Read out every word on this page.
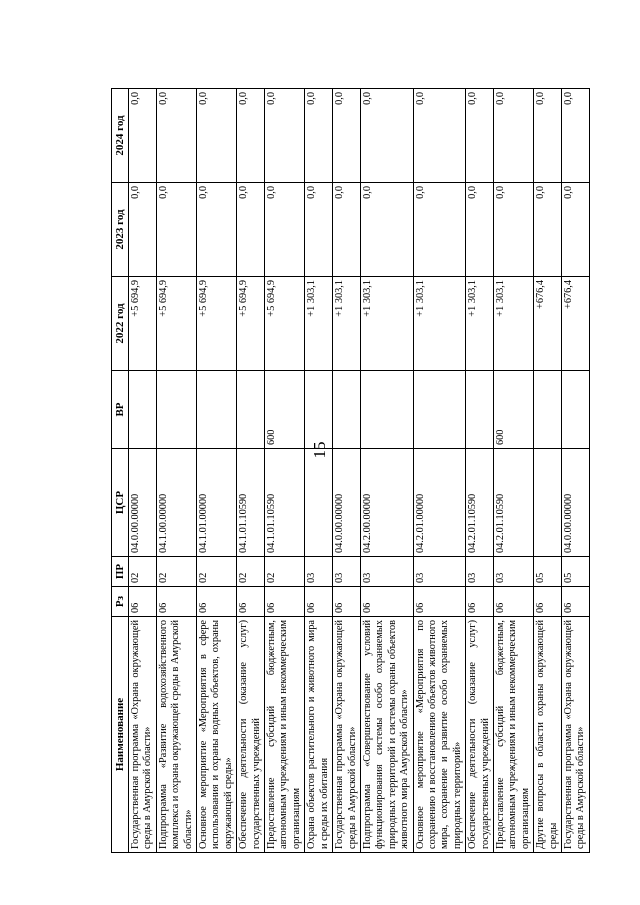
15
Наименование	Рз	ПР	ЦСР	ВР	2022 год	2023 год	2024 год
Государственная программа «Охрана окружающей среды в Амурской области»	06	02	04.0.00.00000		+5 694,9	0,0	0,0
Подпрограмма «Развитие водохозяйственного комплекса и охрана окружающей среды в Амурской области»	06	02	04.1.00.00000		+5 694,9	0,0	0,0
Основное мероприятие «Мероприятия в сфере использования и охраны водных объектов, охраны окружающей среды»	06	02	04.1.01.00000		+5 694,9	0,0	0,0
Обеспечение деятельности (оказание услуг) государственных учреждений	06	02	04.1.01.10590		+5 694,9	0,0	0,0
Предоставление субсидий бюджетным, автономным учреждениям и иным некоммерческим организациям	06	02	04.1.01.10590	600	+5 694,9	0,0	0,0
Охрана объектов растительного и животного мира и среды их обитания	06	03			+1 303,1	0,0	0,0
Государственная программа «Охрана окружающей среды в Амурской области»	06	03	04.0.00.00000		+1 303,1	0,0	0,0
Подпрограмма «Совершенствование условий функционирования системы особо охраняемых природных территорий и системы охраны объектов животного мира Амурской области»	06	03	04.2.00.00000		+1 303,1	0,0	0,0
Основное мероприятие «Мероприятия по сохранению и восстановлению объектов животного мира, сохранение и развитие особо охраняемых природных территорий»	06	03	04.2.01.00000		+1 303,1	0,0	0,0
Обеспечение деятельности (оказание услуг) государственных учреждений	06	03	04.2.01.10590		+1 303,1	0,0	0,0
Предоставление субсидий бюджетным, автономным учреждениям и иным некоммерческим организациям	06	03	04.2.01.10590	600	+1 303,1	0,0	0,0
Другие вопросы в области охраны окружающей среды	06	05			+676,4	0,0	0,0
Государственная программа «Охрана окружающей среды в Амурской области»	06	05	04.0.00.00000		+676,4	0,0	0,0
